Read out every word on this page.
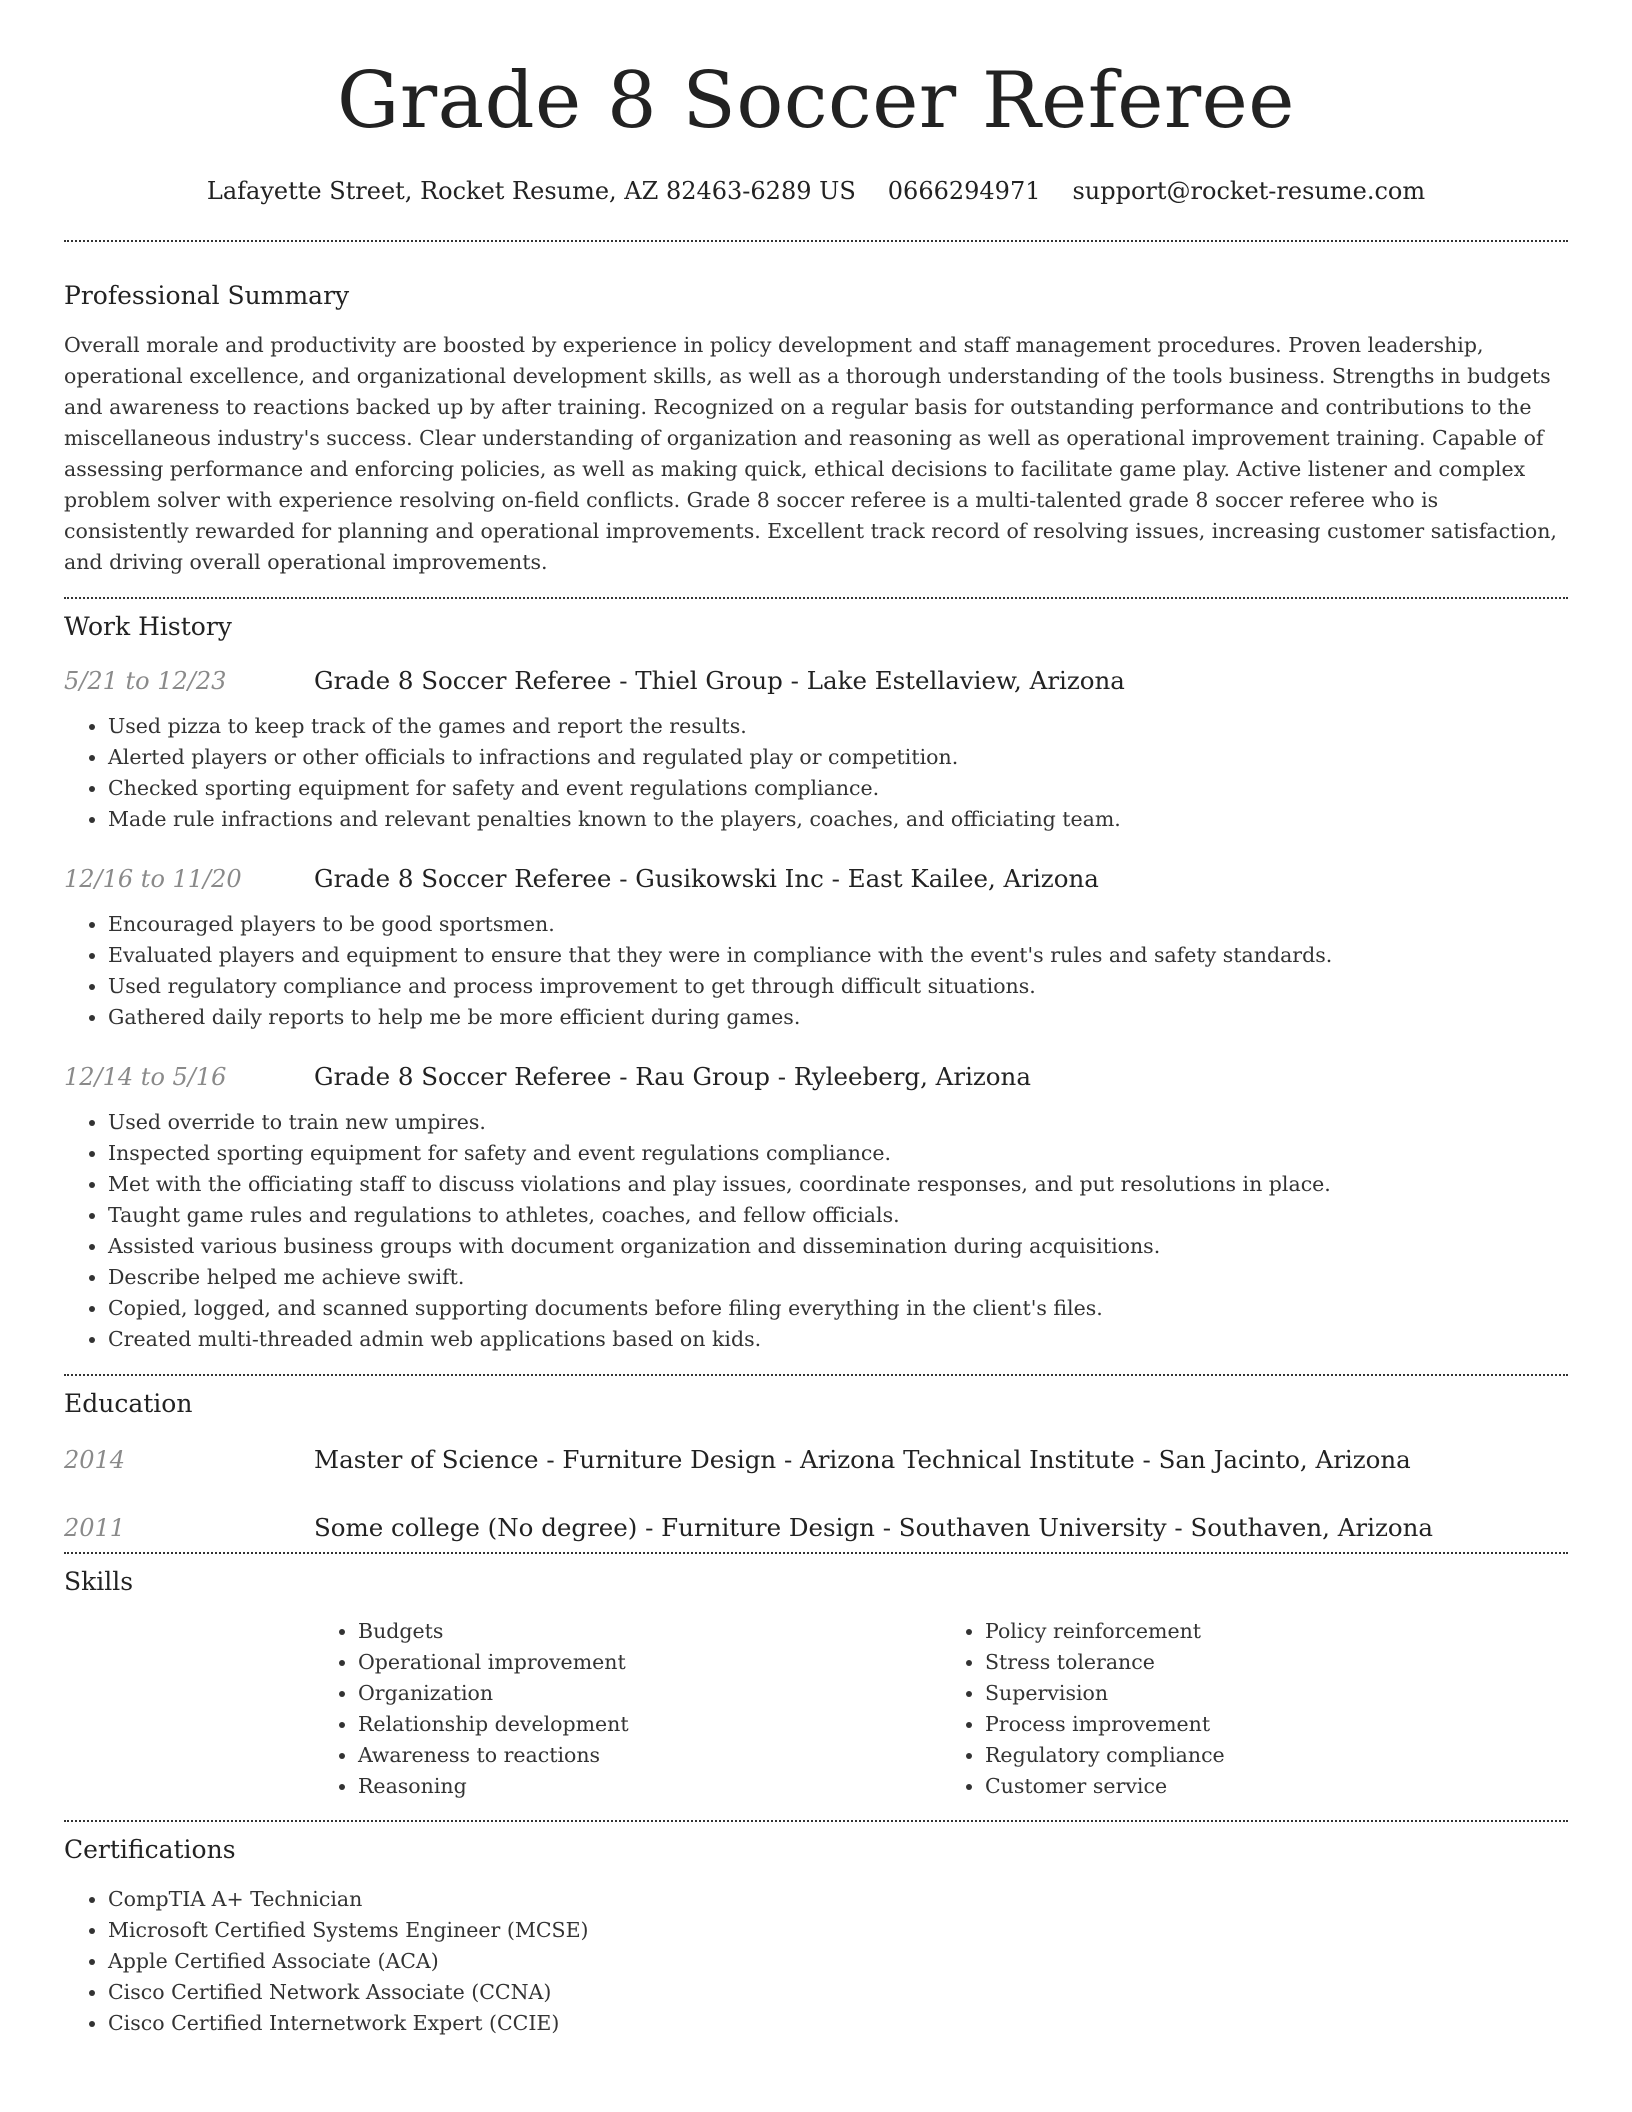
Grade 8 Soccer Referee
Lafayette Street, Rocket Resume, AZ 82463-6289 US 0666294971 support@rocket-resume.com
Professional Summary

Overall morale and productivity are boosted by experience in policy development and staff management procedures. Proven leadership, operational excellence, and organizational development skills, as well as a thorough understanding of the tools business. Strengths in budgets and awareness to reactions backed up by after training. Recognized on a regular basis for outstanding performance and contributions to the miscellaneous industry's success. Clear understanding of organization and reasoning as well as operational improvement training. Capable of assessing performance and enforcing policies, as well as making quick, ethical decisions to facilitate game play. Active listener and complex problem solver with experience resolving on-field conflicts. Grade 8 soccer referee is a multi-talented grade 8 soccer referee who is consistently rewarded for planning and operational improvements. Excellent track record of resolving issues, increasing customer satisfaction, and driving overall operational improvements.

Work History
5/21 to 12/23	Grade 8 Soccer Referee - Thiel Group - Lake Estellaview, Arizona
• Used pizza to keep track of the games and report the results.
• Alerted players or other officials to infractions and regulated play or competition.
• Checked sporting equipment for safety and event regulations compliance.
• Made rule infractions and relevant penalties known to the players, coaches, and officiating team.
12/16 to 11/20	Grade 8 Soccer Referee - Gusikowski Inc - East Kailee, Arizona
• Encouraged players to be good sportsmen.
• Evaluated players and equipment to ensure that they were in compliance with the event's rules and safety standards.
• Used regulatory compliance and process improvement to get through difficult situations.
• Gathered daily reports to help me be more efficient during games.
12/14 to 5/16	Grade 8 Soccer Referee - Rau Group - Ryleeberg, Arizona
• Used override to train new umpires.
• Inspected sporting equipment for safety and event regulations compliance.
• Met with the officiating staff to discuss violations and play issues, coordinate responses, and put resolutions in place.
• Taught game rules and regulations to athletes, coaches, and fellow officials.
• Assisted various business groups with document organization and dissemination during acquisitions.
• Describe helped me achieve swift.
• Copied, logged, and scanned supporting documents before filing everything in the client's files.
• Created multi-threaded admin web applications based on kids.
Education
2014	Master of Science - Furniture Design - Arizona Technical Institute - San Jacinto, Arizona
2011	Some college (No degree) - Furniture Design - Southaven University - Southaven, Arizona
Skills
• Budgets
• Operational improvement
• Organization
• Relationship development
• Awareness to reactions
• Reasoning
• Policy reinforcement
• Stress tolerance
• Supervision
• Process improvement
• Regulatory compliance
• Customer service
Certifications
• CompTIA A+ Technician
• Microsoft Certified Systems Engineer (MCSE)
• Apple Certified Associate (ACA)
• Cisco Certified Network Associate (CCNA)
• Cisco Certified Internetwork Expert (CCIE)
